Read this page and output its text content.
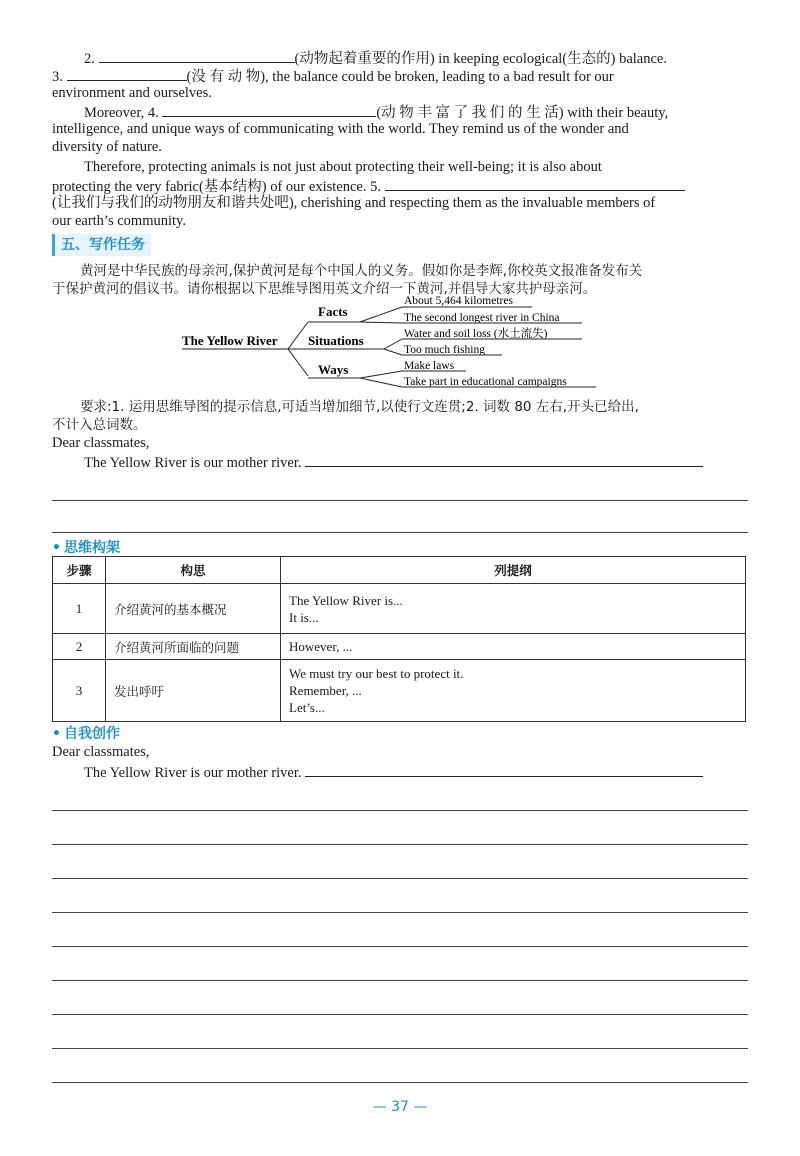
2.	(动物起着重要的作用) in keeping ecological(生态的) balance.
3.	(没 有 动 物), the balance could be broken, leading to a bad result for our
environment and ourselves.
Moreover, 4.	(动 物 丰 富 了 我 们 的 生 活) with their beauty,
intelligence, and unique ways of communicating with the world. They remind us of the wonder and
diversity of nature.
Therefore, protecting animals is not just about protecting their well-being; it is also about
protecting the very fabric(基本结构) of our existence. 5.
(让我们与我们的动物朋友和谐共处吧), cherishing and respecting them as the invaluable members of
our earth’s community.
五、写作任务
黄河是中华民族的母亲河,保护黄河是每个中国人的义务。假如你是李辉,你校英文报准备发布关
于保护黄河的倡议书。请你根据以下思维导图用英文介绍一下黄河,并倡导大家共护母亲河。
The Yellow River
Facts
About 5,464 kilometres
The second longest river in China
Situations	Water and soil loss (水土流失)
Too much fishing
Ways	Make laws
Take part in educational campaigns
要求:1. 运用思维导图的提示信息,可适当增加细节,以使行文连贯;2. 词数 80 左右,开头已给出,
不计入总词数。
Dear classmates,
The Yellow River is our mother river.
• 思维构架
步骤	构思	列提纲
1	介绍黄河的基本概况	The Yellow River is...
It is...

2	介绍黄河所面临的问题	However, ...

3	发出呼吁	We must try our best to protect it.
Remember, ...
Let’s...
• 自我创作
Dear classmates,
The Yellow River is our mother river.
— 37 —
